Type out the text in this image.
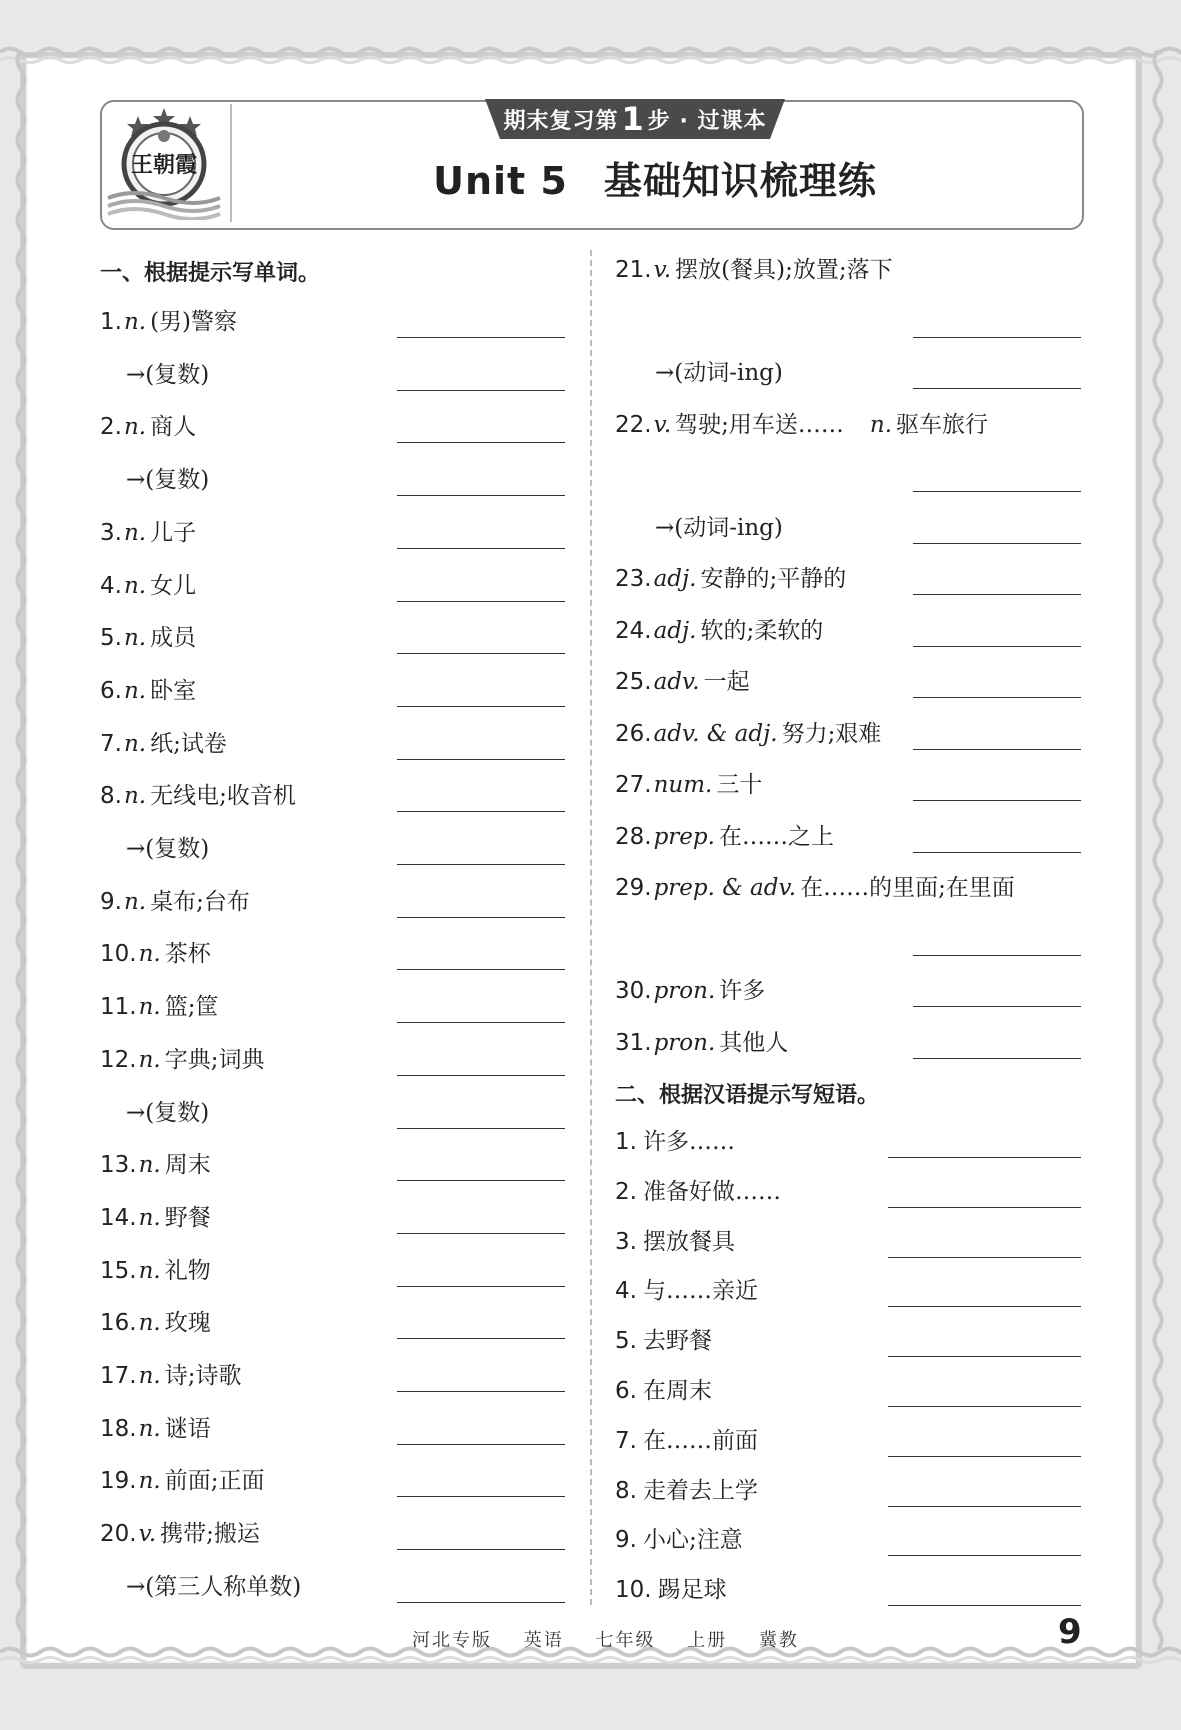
王朝霞
期末复习第 1 步 · 过课本
Unit 5 基础知识梳理练
一、根据提示写单词。
1.n. (男)警察
→(复数)
2.n. 商人
→(复数)
3.n. 儿子
4.n. 女儿
5.n. 成员
6.n. 卧室
7.n. 纸;试卷
8.n. 无线电;收音机
→(复数)
9.n. 桌布;台布
10.n. 茶杯
11.n. 篮;筐
12.n. 字典;词典
→(复数)
13.n. 周末
14.n. 野餐
15.n. 礼物
16.n. 玫瑰
17.n. 诗;诗歌
18.n. 谜语
19.n. 前面;正面
20.v. 携带;搬运
→(第三人称单数)
21.v. 摆放(餐具);放置;落下
→(动词-ing)
22.v. 驾驶;用车送…… n. 驱车旅行
→(动词-ing)
23.adj. 安静的;平静的
24.adj. 软的;柔软的
25.adv. 一起
26.adv. & adj. 努力;艰难
27.num. 三十
28.prep. 在……之上
29.prep. & adv. 在……的里面;在里面
30.pron. 许多
31.pron. 其他人
二、根据汉语提示写短语。
1. 许多……
2. 准备好做……
3. 摆放餐具
4. 与……亲近
5. 去野餐
6. 在周末
7. 在……前面
8. 走着去上学
9. 小心;注意
10. 踢足球
河北专版 英语 七年级 上册 冀教	9
